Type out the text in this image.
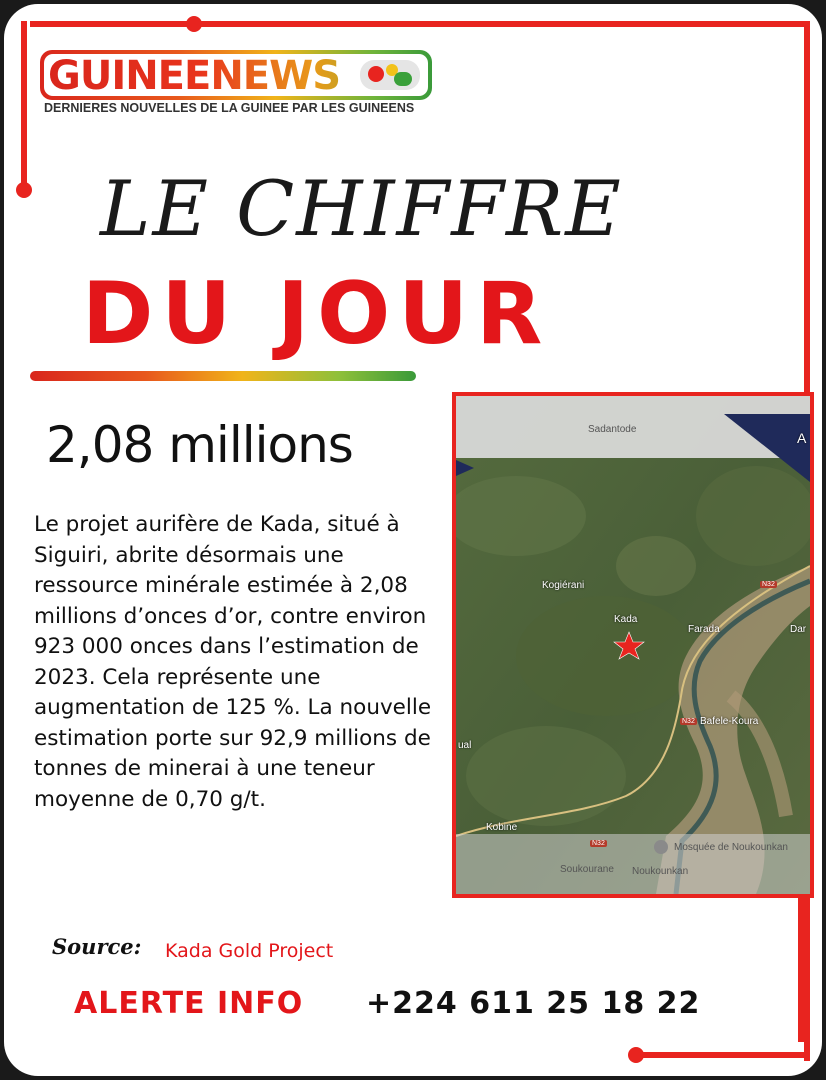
GUINEENEWS
DERNIERES NOUVELLES DE LA GUINEE PAR LES GUINEENS
LE CHIFFRE
DU JOUR
2,08 millions
Le projet aurifère de Kada, situé à Siguiri, abrite désormais une ressource minérale estimée à 2,08 millions d’onces d’or, contre environ 923 000 onces dans l’estimation de 2023. Cela représente une augmentation de 125 %. La nouvelle estimation porte sur 92,9 millions de tonnes de minerai à une teneur moyenne de 0,70 g/t.
Sadantode
A
Kogiérani
Kada
Farada	Dar
Bafele-Koura
ual
Kobine
Mosquée de Noukounkan
Soukourane Noukounkan
N32
N32
N32
Source: Kada Gold Project
ALERTE INFO +224 611 25 18 22
